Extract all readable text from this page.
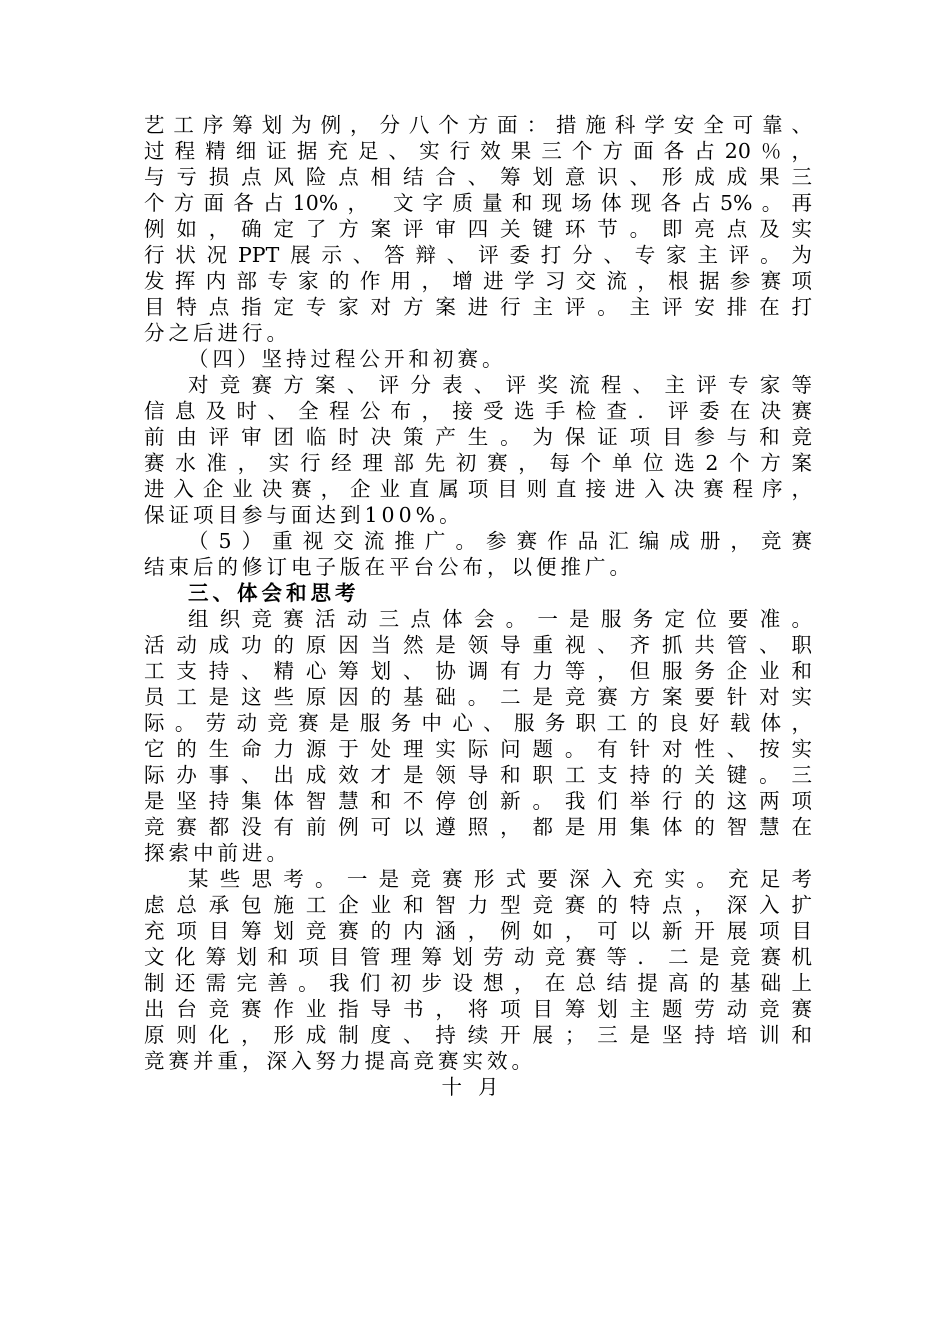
艺工序筹划为例，分八个方面：措施科学安全可靠、
过程精细证据充足、实行效果三个方面各占20％，
与亏损点风险点相结合、筹划意识、形成成果三
个方面各占10%， 文字质量和现场体现各占5%。再
例如，确定了方案评审四关键环节。即亮点及实
行状况PPT展示、答辩、评委打分、专家主评。为
发挥内部专家的作用，增进学习交流，根据参赛项
目特点指定专家对方案进行主评。主评安排在打
分之后进行。
（四）坚持过程公开和初赛。
对竞赛方案、评分表、评奖流程、主评专家等
信息及时、全程公布，接受选手检查．评委在决赛
前由评审团临时决策产生。为保证项目参与和竞
赛水准，实行经理部先初赛，每个单位选2个方案
进入企业决赛，企业直属项目则直接进入决赛程序，
保证项目参与面达到100%。
（5）重视交流推广。参赛作品汇编成册，竞赛
结束后的修订电子版在平台公布，以便推广。
三、体会和思考
组织竞赛活动三点体会。一是服务定位要准。
活动成功的原因当然是领导重视、齐抓共管、职
工支持、精心筹划、协调有力等，但服务企业和
员工是这些原因的基础。二是竞赛方案要针对实
际。劳动竞赛是服务中心、服务职工的良好载体，
它的生命力源于处理实际问题。有针对性、按实
际办事、出成效才是领导和职工支持的关键。三
是坚持集体智慧和不停创新。我们举行的这两项
竞赛都没有前例可以遵照，都是用集体的智慧在
探索中前进。
某些思考。一是竞赛形式要深入充实。充足考
虑总承包施工企业和智力型竞赛的特点，深入扩
充项目筹划竞赛的内涵，例如，可以新开展项目
文化筹划和项目管理筹划劳动竞赛等．二是竞赛机
制还需完善。我们初步设想，在总结提高的基础上
出台竞赛作业指导书，将项目筹划主题劳动竞赛
原则化，形成制度、持续开展；三是坚持培训和
竞赛并重，深入努力提高竞赛实效。
十月
